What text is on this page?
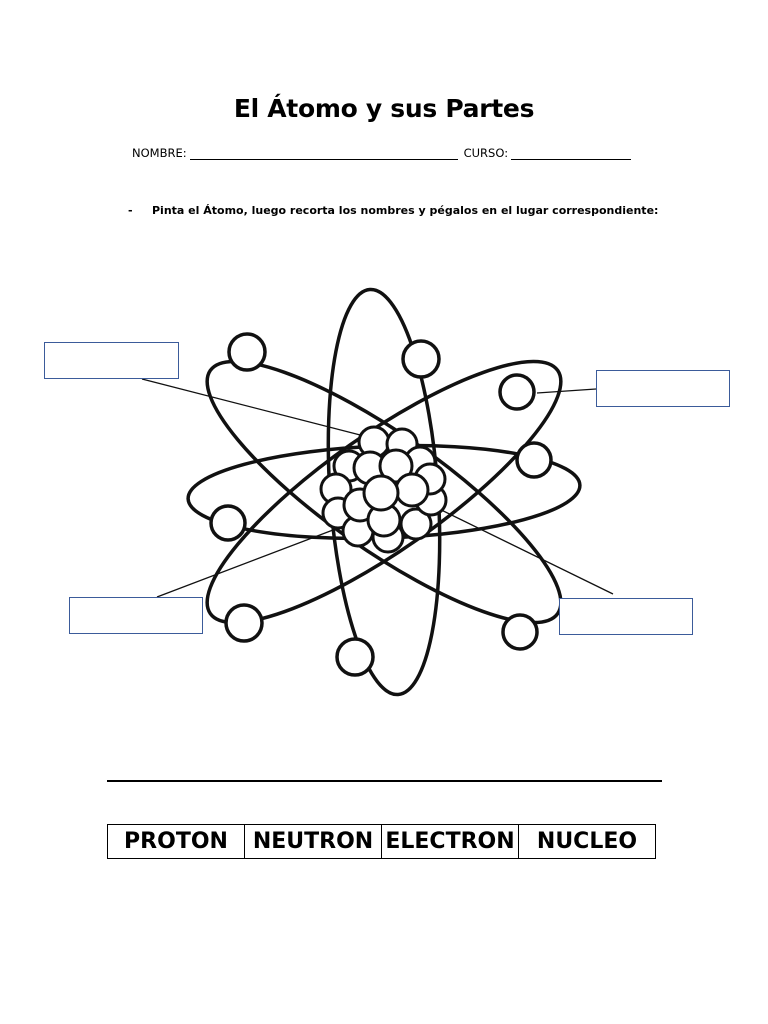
El Átomo y sus Partes
NOMBRE:	CURSO:
- Pinta el Átomo, luego recorta los nombres y pégalos en el lugar correspondiente:
PROTON	NEUTRON	ELECTRON	NUCLEO
